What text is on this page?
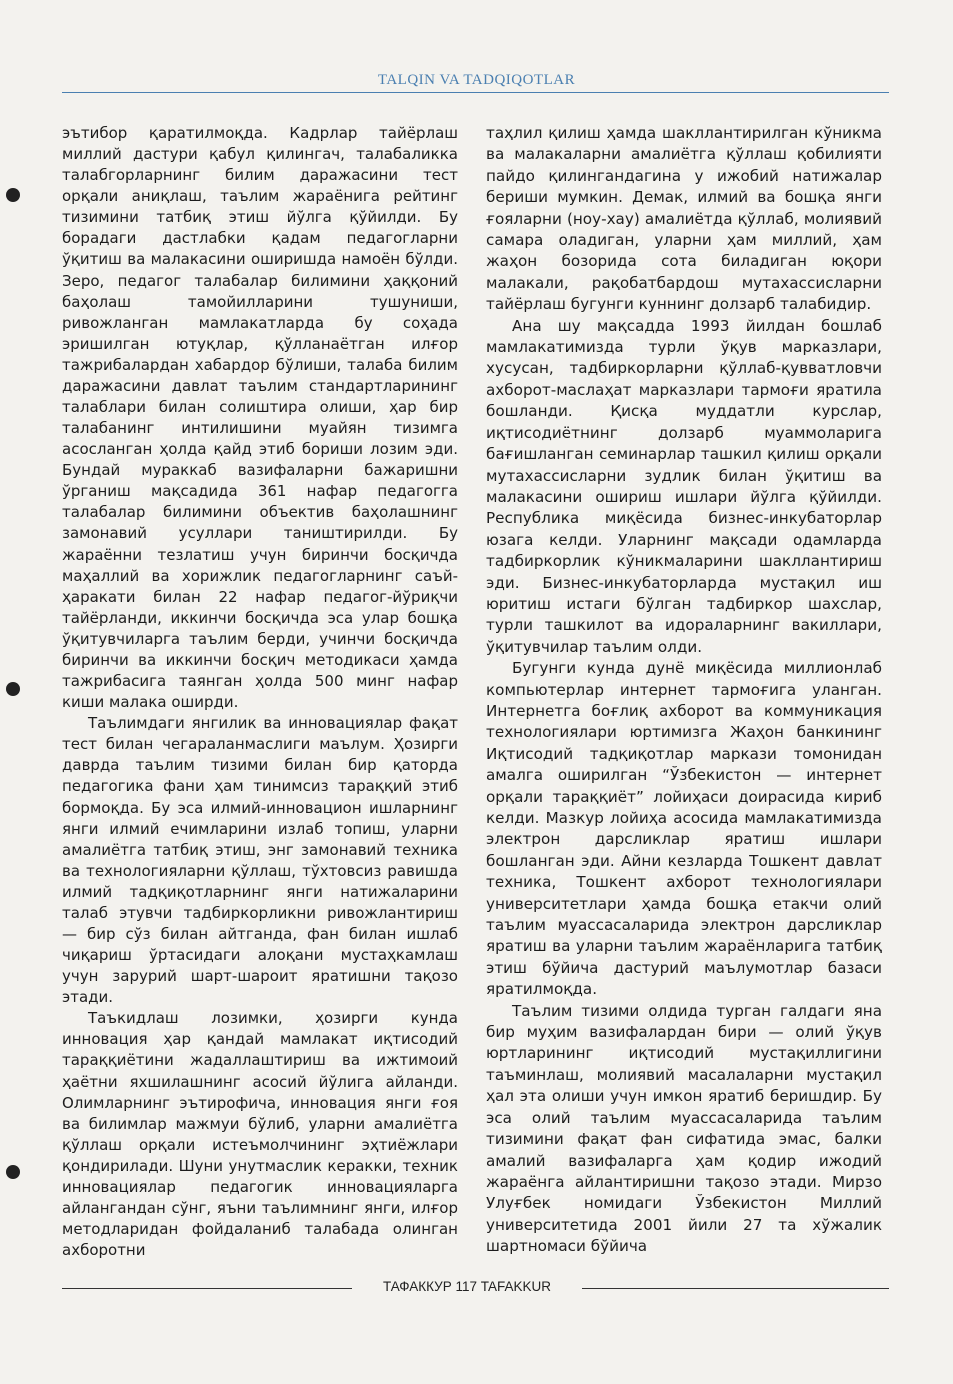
TALQIN VA TADQIQOTLAR

эътибор қаратилмоқда. Кадрлар тайёрлаш миллий дастури қабул қилингач, талабаликка талабгорларнинг билим даражасини тест орқали аниқлаш, таълим жараёнига рейтинг тизимини татбиқ этиш йўлга қўйилди. Бу борадаги дастлабки қадам педагогларни ўқитиш ва малакасини оширишда намоён бўлди. Зеро, педагог талабалар билимини ҳаққоний баҳолаш тамойилларини тушуниши, ривожланган мамлакатларда бу соҳада эришилган ютуқлар, қўлланаётган илғор тажрибалардан хабардор бўлиши, талаба билим даражасини давлат таълим стандартларининг талаблари билан солиштира олиши, ҳар бир талабанинг интилишини муайян тизимга асосланган ҳолда қайд этиб бориши лозим эди. Бундай мураккаб вазифаларни бажаришни ўрганиш мақсадида 361 нафар педагогга талабалар билимини объектив баҳолашнинг замонавий усуллари таништирилди. Бу жараённи тезлатиш учун биринчи босқичда маҳаллий ва хорижлик педагогларнинг саъй-ҳаракати билан 22 нафар педагог-йўриқчи тайёрланди, иккинчи босқичда эса улар бошқа ўқитувчиларга таълим берди, учинчи босқичда биринчи ва иккинчи босқич методикаси ҳамда тажрибасига таянган ҳолда 500 минг нафар киши малака оширди.

Таълимдаги янгилик ва инновациялар фақат тест билан чегараланмаслиги маълум. Ҳозирги даврда таълим тизими билан бир қаторда педагогика фани ҳам тинимсиз тараққий этиб бормоқда. Бу эса илмий-инновацион ишларнинг янги илмий ечимларини излаб топиш, уларни амалиётга татбиқ этиш, энг замонавий техника ва технологияларни қўллаш, тўхтовсиз равишда илмий тадқиқотларнинг янги натижаларини талаб этувчи тадбиркорликни ривожлантириш — бир сўз билан айтганда, фан билан ишлаб чиқариш ўртасидаги алоқани мустаҳкамлаш учун зарурий шарт-шароит яратишни тақозо этади.

Таъкидлаш лозимки, ҳозирги кунда инновация ҳар қандай мамлакат иқтисодий тараққиётини жадаллаштириш ва ижтимоий ҳаётни яхшилашнинг асосий йўлига айланди. Олимларнинг эътирофича, инновация янги ғоя ва билимлар мажмуи бўлиб, уларни амалиётга қўллаш орқали истеъмолчининг эҳтиёжлари қондирилади. Шуни унутмаслик керакки, техник инновациялар педагогик инновацияларга айлангандан сўнг, яъни таълимнинг янги, илғор методларидан фойдаланиб талабада олинган ахборотни

таҳлил қилиш ҳамда шакллантирилган кўникма ва малакаларни амалиётга қўллаш қобилияти пайдо қилингандагина у ижобий натижалар бериши мумкин. Демак, илмий ва бошқа янги ғояларни (ноу-хау) амалиётда қўллаб, молиявий самара оладиган, уларни ҳам миллий, ҳам жаҳон бозорида сота биладиган юқори малакали, рақобатбардош мутахассисларни тайёрлаш бугунги куннинг долзарб талабидир.

Ана шу мақсадда 1993 йилдан бошлаб мамлакатимизда турли ўқув марказлари, хусусан, тадбиркорларни қўллаб-қувватловчи ахборот-маслаҳат марказлари тармоғи яратила бошланди. Қисқа муддатли курслар, иқтисодиётнинг долзарб муаммоларига бағишланган семинарлар ташкил қилиш орқали мутахассисларни зудлик билан ўқитиш ва малакасини ошириш ишлари йўлга қўйилди. Республика миқёсида бизнес-инкубаторлар юзага келди. Уларнинг мақсади одамларда тадбиркорлик кўникмаларини шакллантириш эди. Бизнес-инкубаторларда мустақил иш юритиш истаги бўлган тадбиркор шахслар, турли ташкилот ва идораларнинг вакиллари, ўқитувчилар таълим олди.

Бугунги кунда дунё миқёсида миллионлаб компьютерлар интернет тармоғига уланган. Интернетга боғлиқ ахборот ва коммуникация технологиялари юртимизга Жаҳон банкининг Иқтисодий тадқиқотлар маркази томонидан амалга оширилган “Ўзбекистон — интернет орқали тараққиёт” лойиҳаси доирасида кириб келди. Мазкур лойиҳа асосида мамлакатимизда электрон дарсликлар яратиш ишлари бошланган эди. Айни кезларда Тошкент давлат техника, Тошкент ахборот технологиялари университетлари ҳамда бошқа етакчи олий таълим муассасаларида электрон дарсликлар яратиш ва уларни таълим жараёнларига татбиқ этиш бўйича дастурий маълумотлар базаси яратилмоқда.

Таълим тизими олдида турган галдаги яна бир муҳим вазифалардан бири — олий ўқув юртларининг иқтисодий мустақиллигини таъминлаш, молиявий масалаларни мустақил ҳал эта олиши учун имкон яратиб беришдир. Бу эса олий таълим муассасаларида таълим тизимини фақат фан сифатида эмас, балки амалий вазифаларга ҳам қодир ижодий жараёнга айлантиришни тақозо этади. Мирзо Улуғбек номидаги Ўзбекистон Миллий университетида 2001 йили 27 та хўжалик шартномаси бўйича

ТАФАККУР 117 TAFAKKUR
